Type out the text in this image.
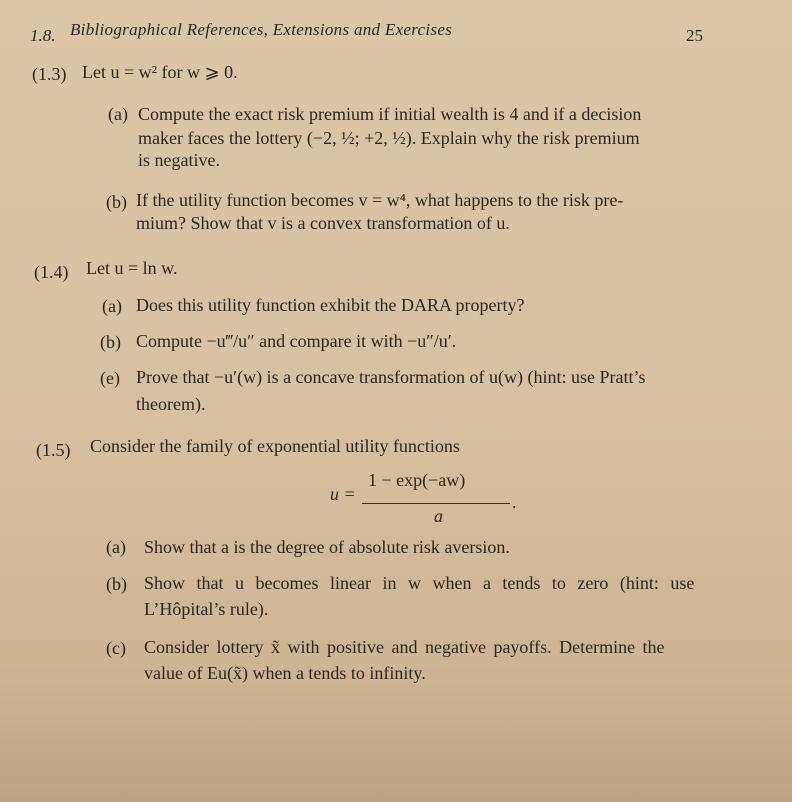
1.8. Bibliographical References, Extensions and Exercises	25
(1.3) Let u = w² for w ⩾ 0.
(a) Compute the exact risk premium if initial wealth is 4 and if a decision
maker faces the lottery (−2, ½; +2, ½). Explain why the risk premium
is negative.
(b) If the utility function becomes v = w⁴, what happens to the risk pre-
mium? Show that v is a convex transformation of u.
(1.4) Let u = ln w.
(a) Does this utility function exhibit the DARA property?
(b) Compute −u‴/u″ and compare it with −u″/u′.
(e) Prove that −u′(w) is a concave transformation of u(w) (hint: use Pratt’s
theorem).
(1.5) Consider the family of exponential utility functions
u =
1 − exp(−aw)
a
.
(a) Show that a is the degree of absolute risk aversion.
(b) Show that u becomes linear in w when a tends to zero (hint: use
L’Hôpital’s rule).
(c) Consider lottery x̃ with positive and negative payoffs. Determine the
value of Eu(x̃) when a tends to infinity.
